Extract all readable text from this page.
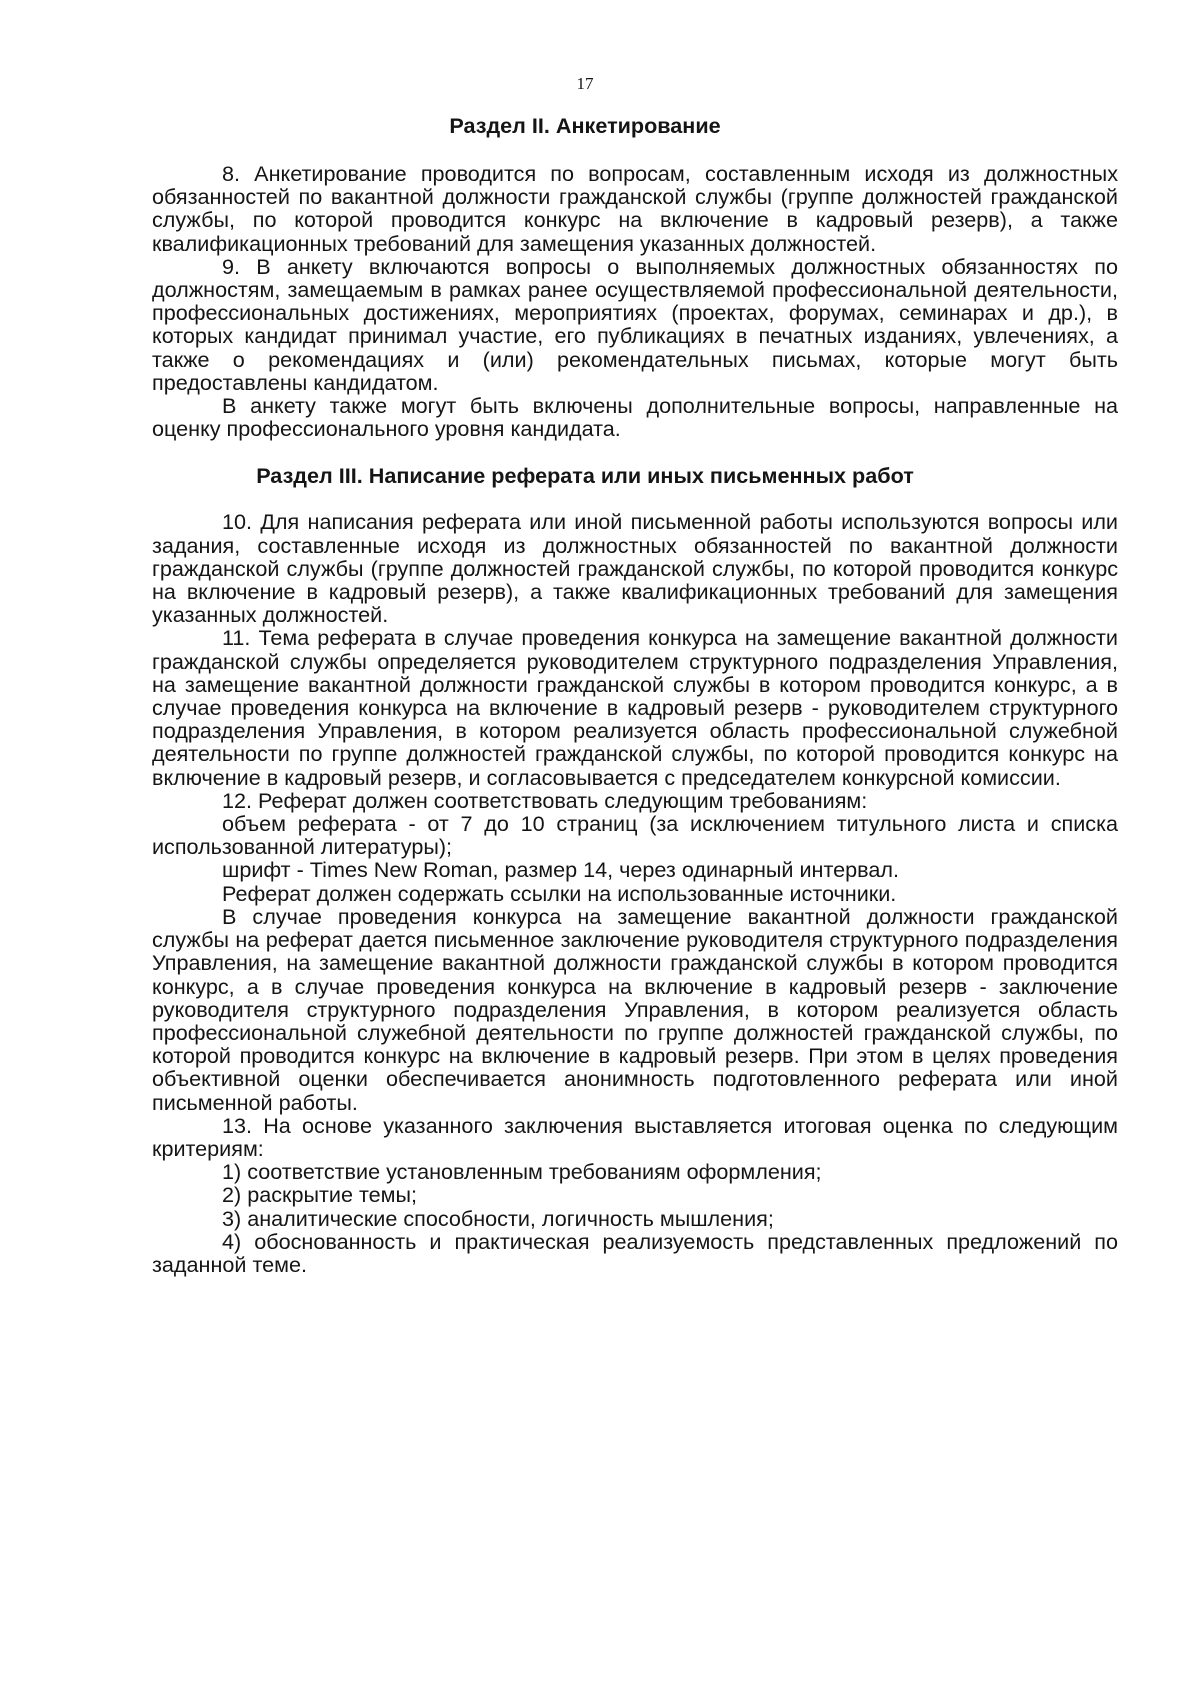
17
Раздел II. Анкетирование

8. Анкетирование проводится по вопросам, составленным исходя из должностных обязанностей по вакантной должности гражданской службы (группе должностей гражданской службы, по которой проводится конкурс на включение в кадровый резерв), а также квалификационных требований для замещения указанных должностей.

9. В анкету включаются вопросы о выполняемых должностных обязанностях по должностям, замещаемым в рамках ранее осуществляемой профессиональной деятельности, профессиональных достижениях, мероприятиях (проектах, форумах, семинарах и др.), в которых кандидат принимал участие, его публикациях в печатных изданиях, увлечениях, а также о рекомендациях и (или) рекомендательных письмах, которые могут быть предоставлены кандидатом.

В анкету также могут быть включены дополнительные вопросы, направленные на оценку профессионального уровня кандидата.

Раздел III. Написание реферата или иных письменных работ

10. Для написания реферата или иной письменной работы используются вопросы или задания, составленные исходя из должностных обязанностей по вакантной должности гражданской службы (группе должностей гражданской службы, по которой проводится конкурс на включение в кадровый резерв), а также квалификационных требований для замещения указанных должностей.

11. Тема реферата в случае проведения конкурса на замещение вакантной должности гражданской службы определяется руководителем структурного подразделения Управления, на замещение вакантной должности гражданской службы в котором проводится конкурс, а в случае проведения конкурса на включение в кадровый резерв - руководителем структурного подразделения Управления, в котором реализуется область профессиональной служебной деятельности по группе должностей гражданской службы, по которой проводится конкурс на включение в кадровый резерв, и согласовывается с председателем конкурсной комиссии.

12. Реферат должен соответствовать следующим требованиям:

объем реферата - от 7 до 10 страниц (за исключением титульного листа и списка использованной литературы);

шрифт - Times New Roman, размер 14, через одинарный интервал.

Реферат должен содержать ссылки на использованные источники.

В случае проведения конкурса на замещение вакантной должности гражданской службы на реферат дается письменное заключение руководителя структурного подразделения Управления, на замещение вакантной должности гражданской службы в котором проводится конкурс, а в случае проведения конкурса на включение в кадровый резерв - заключение руководителя структурного подразделения Управления, в котором реализуется область профессиональной служебной деятельности по группе должностей гражданской службы, по которой проводится конкурс на включение в кадровый резерв. При этом в целях проведения объективной оценки обеспечивается анонимность подготовленного реферата или иной письменной работы.

13. На основе указанного заключения выставляется итоговая оценка по следующим критериям:

1) соответствие установленным требованиям оформления;

2) раскрытие темы;

3) аналитические способности, логичность мышления;

4) обоснованность и практическая реализуемость представленных предложений по заданной теме.
